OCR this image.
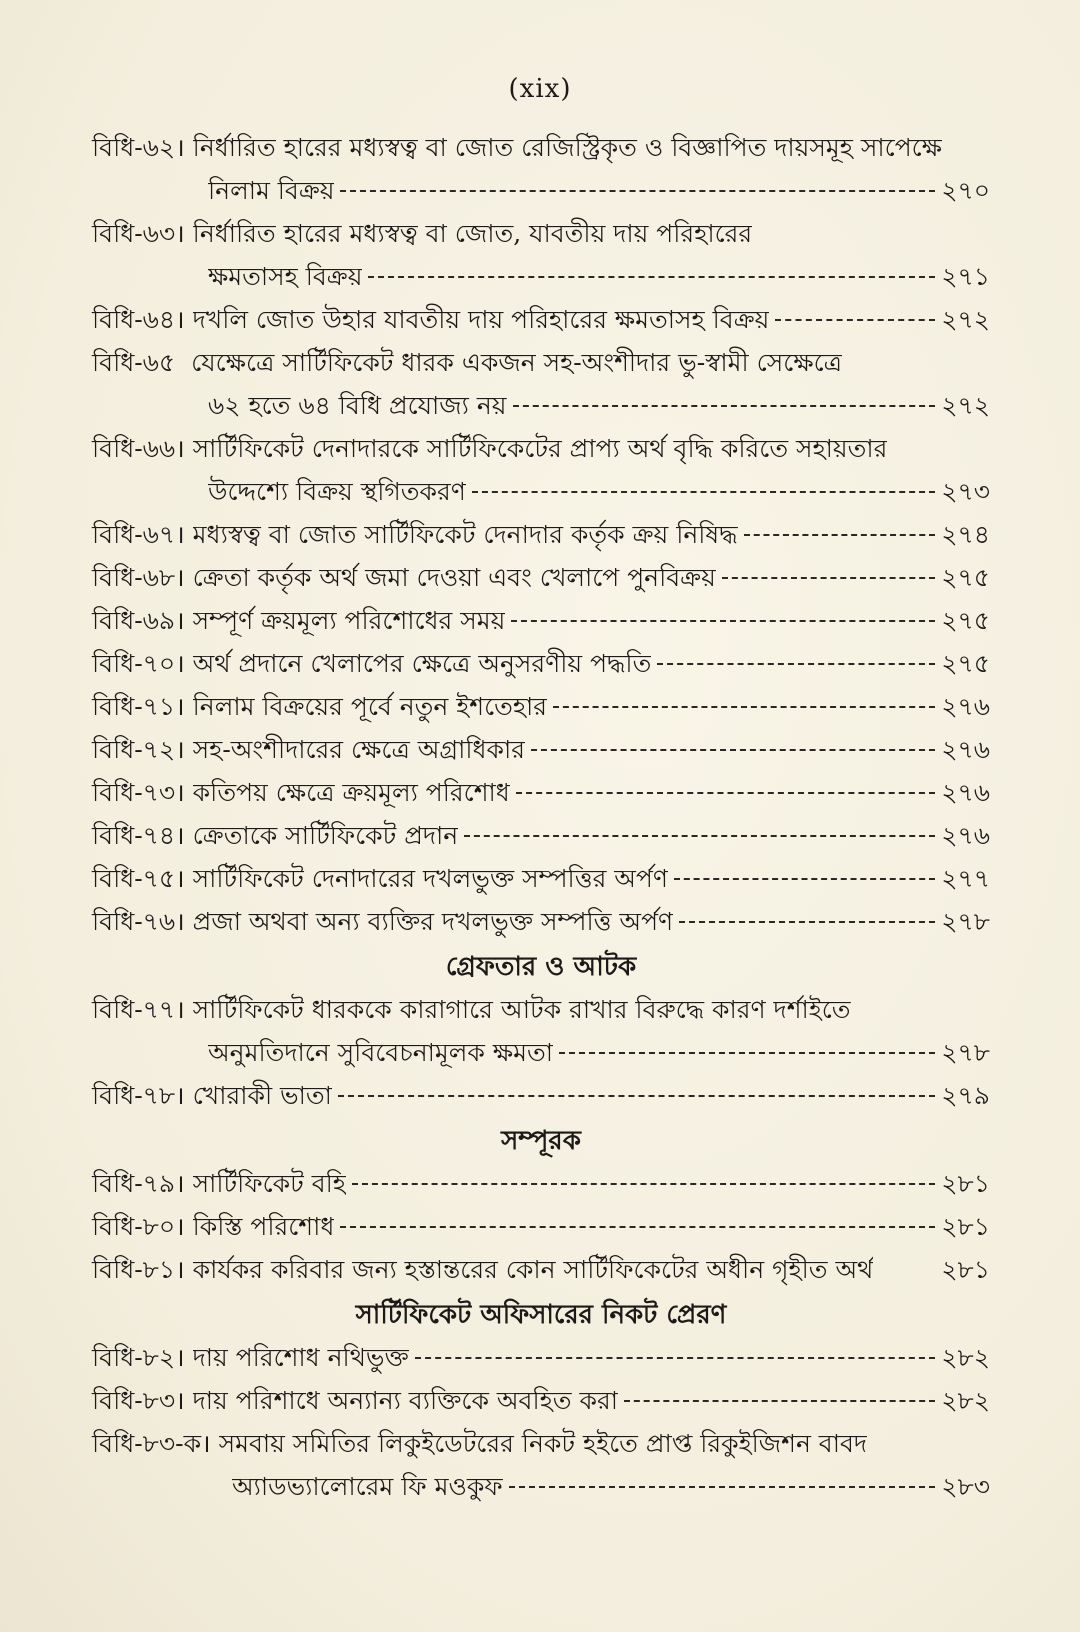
(xix)
বিধি-৬২ । নির্ধারিত হারের মধ্যস্বত্ব বা জোত রেজিস্ট্রিকৃত ও বিজ্ঞাপিত দায়সমূহ সাপেক্ষে
নিলাম বিক্রয়	২৭০
বিধি-৬৩ । নির্ধারিত হারের মধ্যস্বত্ব বা জোত, যাবতীয় দায় পরিহারের
ক্ষমতাসহ বিক্রয়	২৭১
বিধি-৬৪ । দখলি জোত উহার যাবতীয় দায় পরিহারের ক্ষমতাসহ বিক্রয়	২৭২
বিধি-৬৫
যেক্ষেত্রে সার্টিফিকেট ধারক একজন সহ-অংশীদার ভু-স্বামী সেক্ষেত্রে
৬২ হতে ৬৪ বিধি প্রযোজ্য নয়	২৭২
বিধি-৬৬ । সার্টিফিকেট দেনাদারকে সার্টিফিকেটের প্রাপ্য অর্থ বৃদ্ধি করিতে সহায়তার
উদ্দেশ্যে বিক্রয় স্থগিতকরণ	২৭৩
বিধি-৬৭ । মধ্যস্বত্ব বা জোত সার্টিফিকেট দেনাদার কর্তৃক ক্রয় নিষিদ্ধ	২৭৪
বিধি-৬৮ । ক্রেতা কর্তৃক অর্থ জমা দেওয়া এবং খেলাপে পুনবিক্রয়	২৭৫
বিধি-৬৯ । সম্পূর্ণ ক্রয়মূল্য পরিশোধের সময়	২৭৫
বিধি-৭০ । অর্থ প্রদানে খেলাপের ক্ষেত্রে অনুসরণীয় পদ্ধতি	২৭৫
বিধি-৭১ । নিলাম বিক্রয়ের পূর্বে নতুন ইশতেহার	২৭৬
বিধি-৭২ । সহ-অংশীদারের ক্ষেত্রে অগ্রাধিকার	২৭৬
বিধি-৭৩ । কতিপয় ক্ষেত্রে ক্রয়মূল্য পরিশোধ	২৭৬
বিধি-৭৪ । ক্রেতাকে সার্টিফিকেট প্রদান	২৭৬
বিধি-৭৫ । সার্টিফিকেট দেনাদারের দখলভুক্ত সম্পত্তির অর্পণ	২৭৭
বিধি-৭৬ । প্রজা অথবা অন্য ব্যক্তির দখলভুক্ত সম্পত্তি অর্পণ	২৭৮
গ্রেফতার ও আটক
বিধি-৭৭ । সার্টিফিকেট ধারককে কারাগারে আটক রাখার বিরুদ্ধে কারণ দর্শাইতে
অনুমতিদানে সুবিবেচনামূলক ক্ষমতা	২৭৮
বিধি-৭৮ । খোরাকী ভাতা	২৭৯
সম্পূরক
বিধি-৭৯ । সার্টিফিকেট বহি	২৮১
বিধি-৮০ । কিস্তি পরিশোধ	২৮১
বিধি-৮১ । কার্যকর করিবার জন্য হস্তান্তরের কোন সার্টিফিকেটের অধীন গৃহীত অর্থ	২৮১
সার্টিফিকেট অফিসারের নিকট প্রেরণ
বিধি-৮২ । দায় পরিশোধ নথিভুক্ত	২৮২
বিধি-৮৩ । দায় পরিশাধে অন্যান্য ব্যক্তিকে অবহিত করা	২৮২
বিধি-৮৩-ক । সমবায় সমিতির লিকুইডেটরের নিকট হইতে প্রাপ্ত রিকুইজিশন বাবদ
অ্যাডভ্যালোরেম ফি মওকুফ	২৮৩
